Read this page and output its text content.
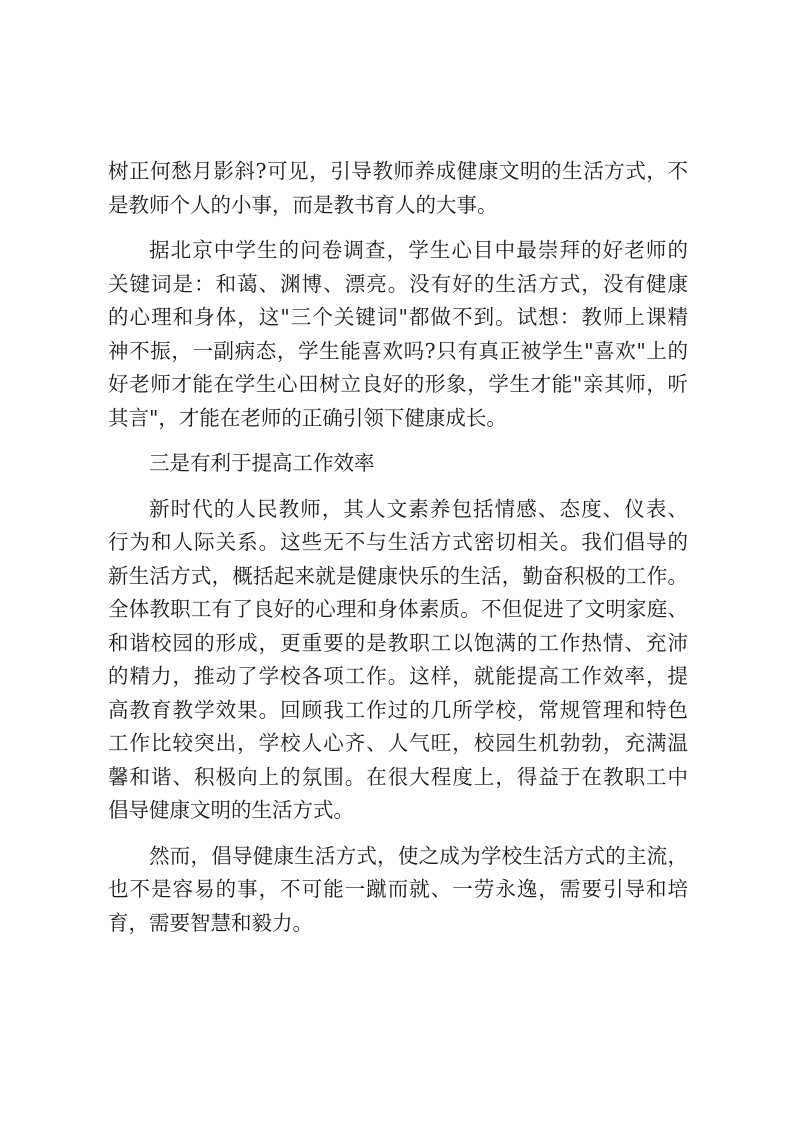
树正何愁月影斜?可见，引导教师养成健康文明的生活方式，不
是教师个人的小事，而是教书育人的大事。
据北京中学生的问卷调查，学生心目中最崇拜的好老师的
关键词是：和蔼、渊博、漂亮。没有好的生活方式，没有健康
的心理和身体，这"三个关键词"都做不到。试想：教师上课精
神不振，一副病态，学生能喜欢吗?只有真正被学生"喜欢"上的
好老师才能在学生心田树立良好的形象，学生才能"亲其师，听
其言"，才能在老师的正确引领下健康成长。
三是有利于提高工作效率
新时代的人民教师，其人文素养包括情感、态度、仪表、
行为和人际关系。这些无不与生活方式密切相关。我们倡导的
新生活方式，概括起来就是健康快乐的生活，勤奋积极的工作。
全体教职工有了良好的心理和身体素质。不但促进了文明家庭、
和谐校园的形成，更重要的是教职工以饱满的工作热情、充沛
的精力，推动了学校各项工作。这样，就能提高工作效率，提
高教育教学效果。回顾我工作过的几所学校，常规管理和特色
工作比较突出，学校人心齐、人气旺，校园生机勃勃，充满温
馨和谐、积极向上的氛围。在很大程度上，得益于在教职工中
倡导健康文明的生活方式。
然而，倡导健康生活方式，使之成为学校生活方式的主流，
也不是容易的事，不可能一蹴而就、一劳永逸，需要引导和培
育，需要智慧和毅力。
